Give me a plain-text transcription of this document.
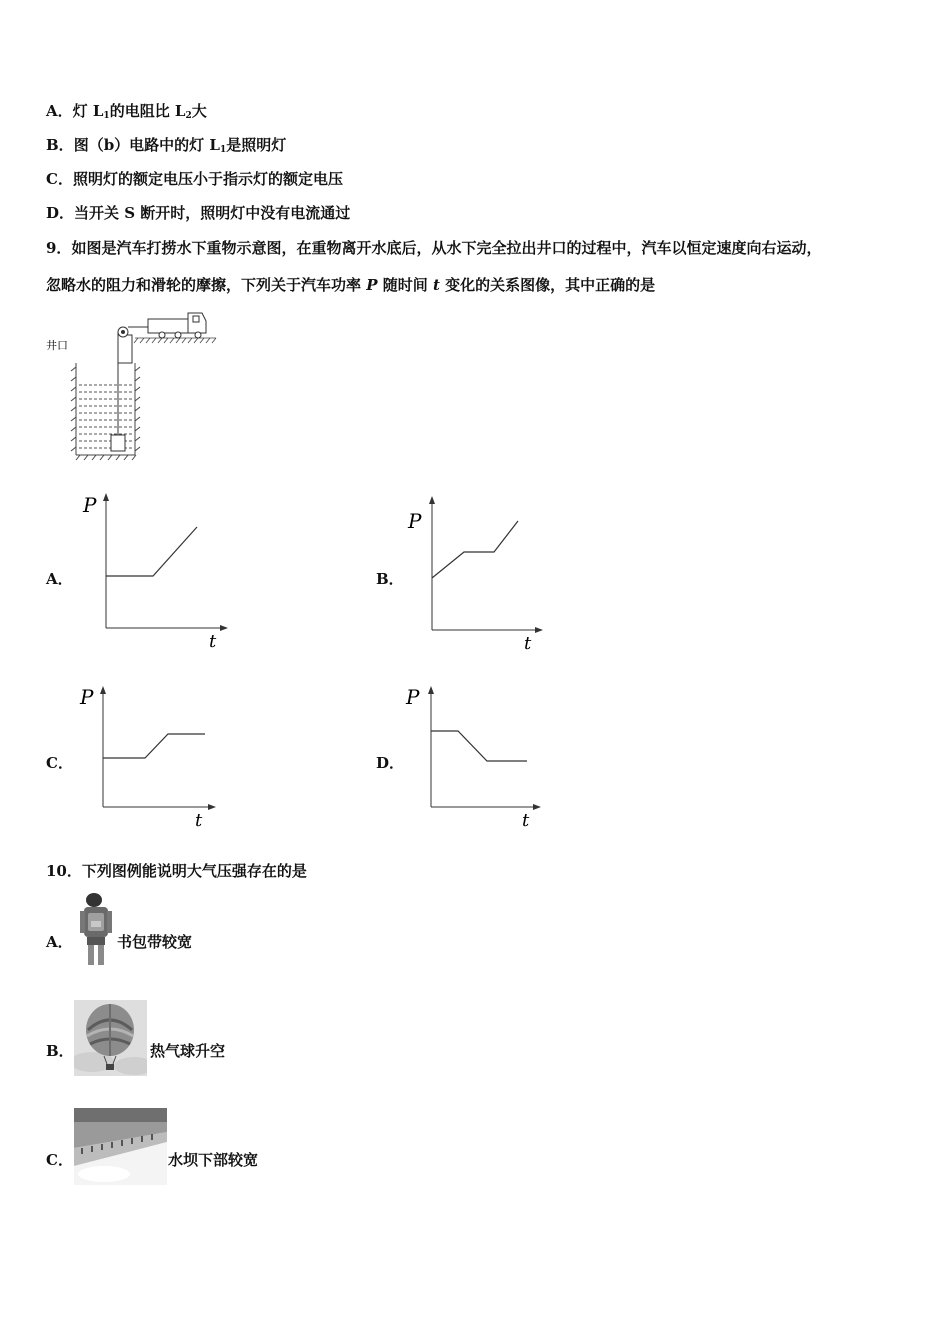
A．灯 $L_1$的电阻比 $L_2$大
B．图（b）电路中的灯 $L_1$是照明灯
C．照明灯的额定电压小于指示灯的额定电压
D．当开关 S 断开时，照明灯中没有电流通过
9．如图是汽车打捞水下重物示意图，在重物离开水底后，从水下完全拉出井口的过程中，汽车以恒定速度向右运动，
忽略水的阻力和滑轮的摩擦，下列关于汽车功率 P 随时间 t 变化的关系图像，其中正确的是
井口
A．
P
t
B．
P
t
C．
P
t
D．
P
t
10．下列图例能说明大气压强存在的是
A．	书包带较宽
B．	热气球升空
C．	水坝下部较宽
